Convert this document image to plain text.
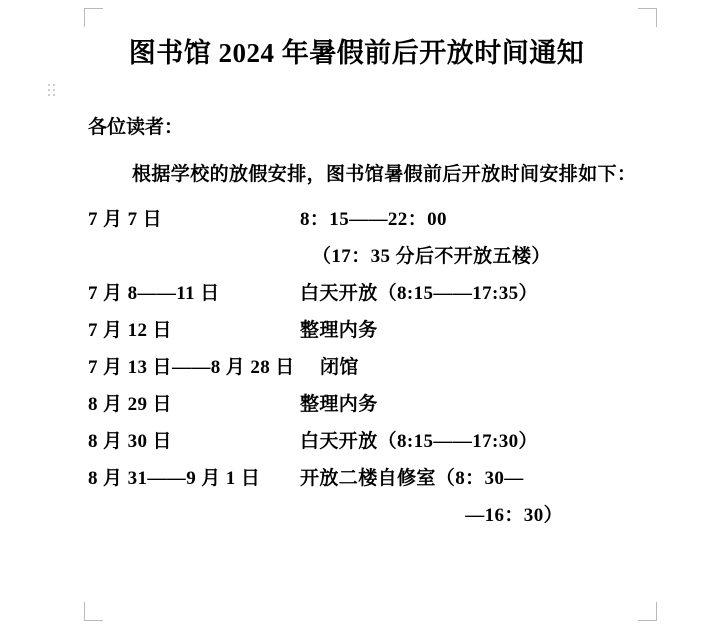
图书馆 2024 年暑假前后开放时间通知

各位读者：

根据学校的放假安排，图书馆暑假前后开放时间安排如下：

7 月 7 日	8：15——22：00
（17：35 分后不开放五楼）
7 月 8——11 日	白天开放（8:15——17:35）
7 月 12 日	整理内务
7 月 13 日——8 月 28 日	闭馆
8 月 29 日	整理内务
8 月 30 日	白天开放（8:15——17:30）
8 月 31——9 月 1 日	开放二楼自修室（8：30—
—16：30）
